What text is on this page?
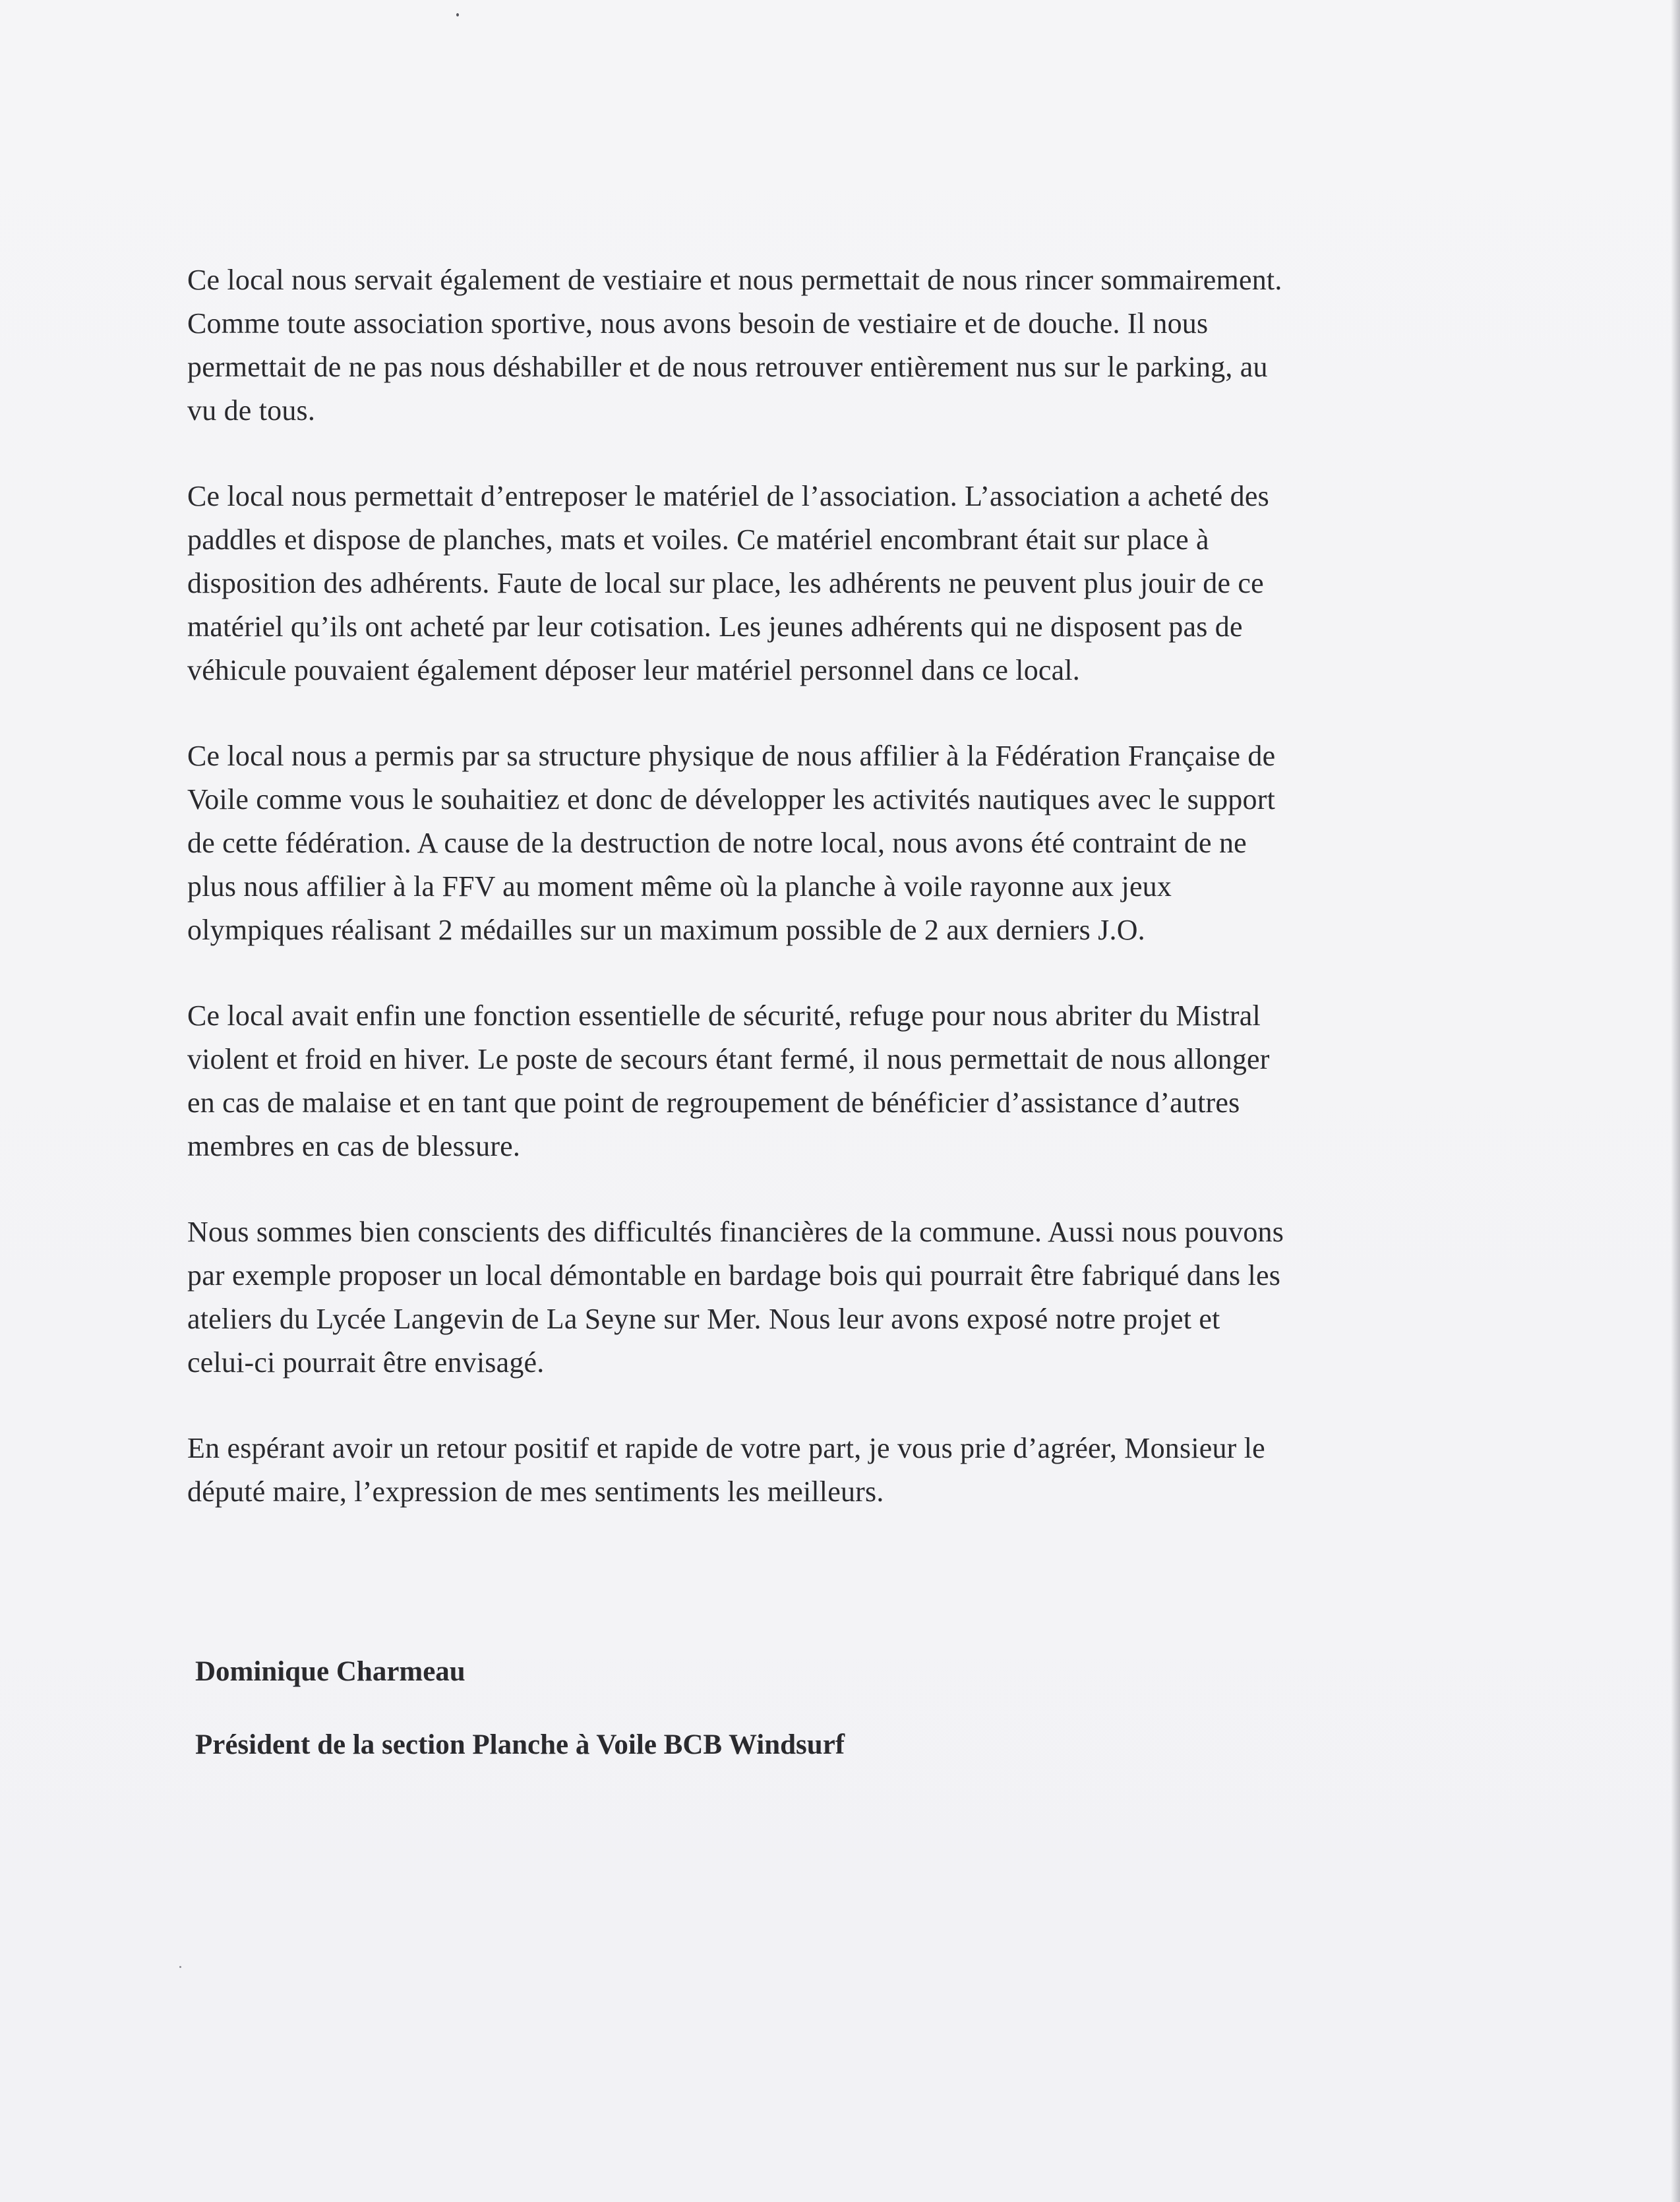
Ce local nous servait également de vestiaire et nous permettait de nous rincer sommairement.
Comme toute association sportive, nous avons besoin de vestiaire et de douche. Il nous
permettait de ne pas nous déshabiller et de nous retrouver entièrement nus sur le parking, au
vu de tous.

Ce local nous permettait d’entreposer le matériel de l’association. L’association a acheté des
paddles et dispose de planches, mats et voiles. Ce matériel encombrant était sur place à
disposition des adhérents. Faute de local sur place, les adhérents ne peuvent plus jouir de ce
matériel qu’ils ont acheté par leur cotisation. Les jeunes adhérents qui ne disposent pas de
véhicule pouvaient également déposer leur matériel personnel dans ce local.

Ce local nous a permis par sa structure physique de nous affilier à la Fédération Française de
Voile comme vous le souhaitiez et donc de développer les activités nautiques avec le support
de cette fédération. A cause de la destruction de notre local, nous avons été contraint de ne
plus nous affilier à la FFV au moment même où la planche à voile rayonne aux jeux
olympiques réalisant 2 médailles sur un maximum possible de 2 aux derniers J.O.

Ce local avait enfin une fonction essentielle de sécurité, refuge pour nous abriter du Mistral
violent et froid en hiver. Le poste de secours étant fermé, il nous permettait de nous allonger
en cas de malaise et en tant que point de regroupement de bénéficier d’assistance d’autres
membres en cas de blessure.

Nous sommes bien conscients des difficultés financières de la commune. Aussi nous pouvons
par exemple proposer un local démontable en bardage bois qui pourrait être fabriqué dans les
ateliers du Lycée Langevin de La Seyne sur Mer. Nous leur avons exposé notre projet et
celui-ci pourrait être envisagé.

En espérant avoir un retour positif et rapide de votre part, je vous prie d’agréer, Monsieur le
député maire, l’expression de mes sentiments les meilleurs.

Dominique Charmeau
Président de la section Planche à Voile BCB Windsurf
